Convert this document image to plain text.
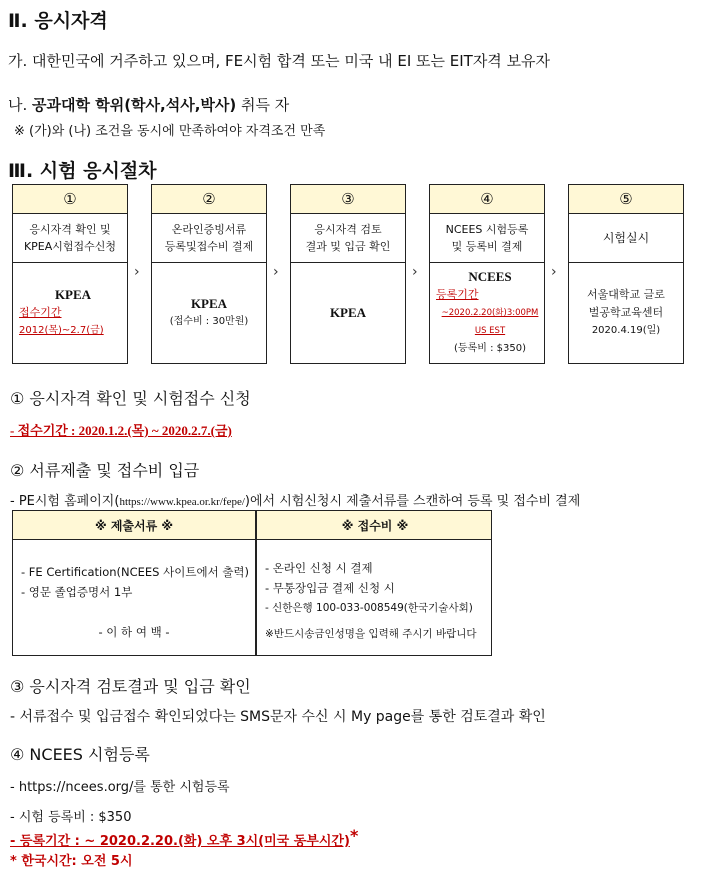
Ⅱ. 응시자격
가. 대한민국에 거주하고 있으며, FE시험 합격 또는 미국 내 EI 또는 EIT자격 보유자
나. 공과대학 학위(학사,석사,박사) 취득 자
※ (가)와 (나) 조건을 동시에 만족하여야 자격조건 만족
Ⅲ. 시험 응시절차
①
응시자격 확인 및
KPEA시험접수신청
KPEA
접수기간
2012(목)~2.7(금)
›
②
온라인증빙서류
등록및접수비 결제
KPEA
(접수비 : 30만원)
›
③
응시자격 검토
결과 및 입금 확인
KPEA
›
④
NCEES 시험등록
및 등록비 결제
NCEES
등록기간
~2020.2.20(화)3:00PM US EST
(등록비 : $350)
›
⑤
시험실시
서울대학교 글로
벌공학교육센터
2020.4.19(일)
① 응시자격 확인 및 시험접수 신청
- 접수기간 : 2020.1.2.(목) ~ 2020.2.7.(금)
② 서류제출 및 접수비 입금
- PE시험 홈페이지(https://www.kpea.or.kr/fepe/)에서 시험신청시 제출서류를 스캔하여 등록 및 접수비 결제
※ 제출서류 ※	※ 접수비 ※
- FE Certification(NCEES 사이트에서 출력)
- 영문 졸업증명서 1부
- 이 하 여 백 -
- 온라인 신청 시 결제
- 무통장입금 결제 신청 시
- 신한은행 100-033-008549(한국기술사회)
※반드시송금인성명을 입력해 주시기 바랍니다
③ 응시자격 검토결과 및 입금 확인
- 서류접수 및 입금접수 확인되었다는 SMS문자 수신 시 My page를 통한 검토결과 확인
④ NCEES 시험등록
- https://ncees.org/를 통한 시험등록
- 시험 등록비 : $350
- 등록기간 : ~ 2020.2.20.(화) 오후 3시(미국 동부시간)*
* 한국시간: 오전 5시
